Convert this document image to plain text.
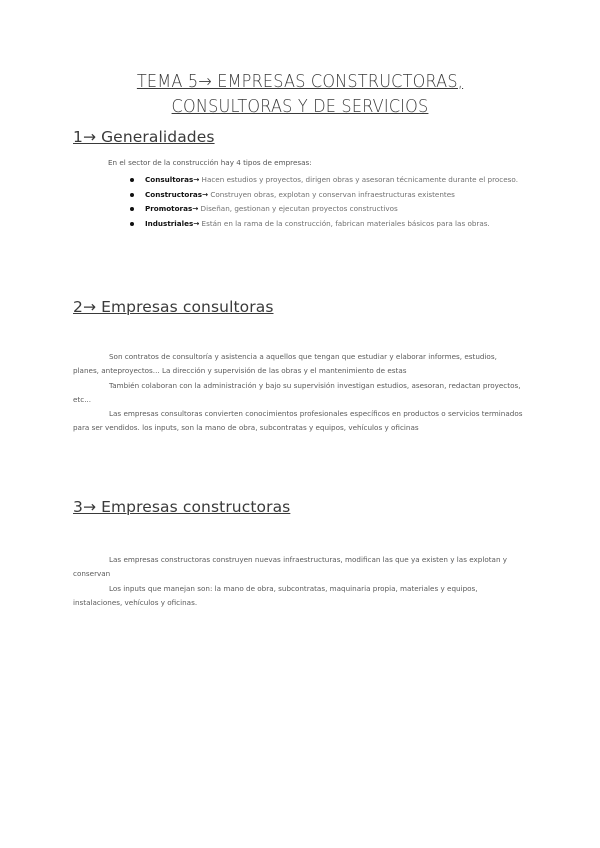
TEMA 5→ EMPRESAS CONSTRUCTORAS,
CONSULTORAS Y DE SERVICIOS
1→ Generalidades
En el sector de la construcción hay 4 tipos de empresas:
Consultoras→ Hacen estudios y proyectos, dirigen obras y asesoran técnicamente durante el proceso.
Constructoras→ Construyen obras, explotan y conservan infraestructuras existentes
Promotoras→ Diseñan, gestionan y ejecutan proyectos constructivos
Industriales→ Están en la rama de la construcción, fabrican materiales básicos para las obras.
2→ Empresas consultoras

Son contratos de consultoría y asistencia a aquellos que tengan que estudiar y elaborar informes, estudios, planes, anteproyectos... La dirección y supervisión de las obras y el mantenimiento de estas

También colaboran con la administración y bajo su supervisión investigan estudios, asesoran, redactan proyectos, etc...

Las empresas consultoras convierten conocimientos profesionales específicos en productos o servicios terminados para ser vendidos. los inputs, son la mano de obra, subcontratas y equipos, vehículos y oficinas

3→ Empresas constructoras

Las empresas constructoras construyen nuevas infraestructuras, modifican las que ya existen y las explotan y conservan

Los inputs que manejan son: la mano de obra, subcontratas, maquinaria propia, materiales y equipos, instalaciones, vehículos y oficinas.
